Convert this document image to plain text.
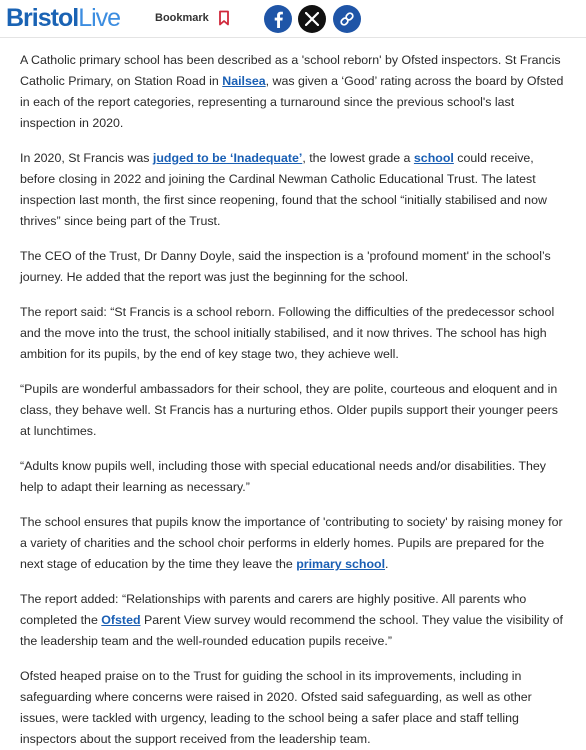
BristolLive	Bookmark

A Catholic primary school has been described as a 'school reborn' by Ofsted inspectors. St Francis Catholic Primary, on Station Road in Nailsea, was given a ‘Good’ rating across the board by Ofsted in each of the report categories, representing a turnaround since the previous school's last inspection in 2020.

In 2020, St Francis was judged to be ‘Inadequate’, the lowest grade a school could receive, before closing in 2022 and joining the Cardinal Newman Catholic Educational Trust. The latest inspection last month, the first since reopening, found that the school “initially stabilised and now thrives” since being part of the Trust.

The CEO of the Trust, Dr Danny Doyle, said the inspection is a 'profound moment' in the school’s journey. He added that the report was just the beginning for the school.

The report said: “St Francis is a school reborn. Following the difficulties of the predecessor school and the move into the trust, the school initially stabilised, and it now thrives. The school has high ambition for its pupils, by the end of key stage two, they achieve well.

“Pupils are wonderful ambassadors for their school, they are polite, courteous and eloquent and in class, they behave well. St Francis has a nurturing ethos. Older pupils support their younger peers at lunchtimes.

“Adults know pupils well, including those with special educational needs and/or disabilities. They help to adapt their learning as necessary.”

The school ensures that pupils know the importance of 'contributing to society' by raising money for a variety of charities and the school choir performs in elderly homes. Pupils are prepared for the next stage of education by the time they leave the primary school.

The report added: “Relationships with parents and carers are highly positive. All parents who completed the Ofsted Parent View survey would recommend the school. They value the visibility of the leadership team and the well-rounded education pupils receive.”

Ofsted heaped praise on to the Trust for guiding the school in its improvements, including in safeguarding where concerns were raised in 2020. Ofsted said safeguarding, as well as other issues, were tackled with urgency, leading to the school being a safer place and staff telling inspectors about the support received from the leadership team.
